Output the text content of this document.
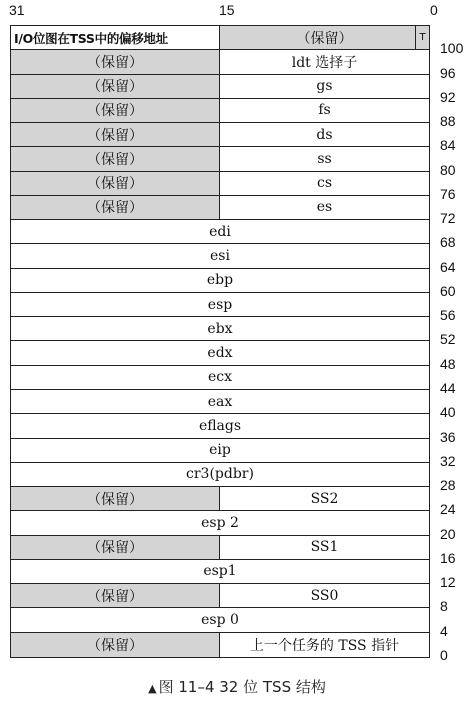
31	15	0
I/O位图在TSS中的偏移地址	（保留）	T
（保留）	ldt 选择子
（保留）	gs
（保留）	fs
（保留）	ds
（保留）	ss
（保留）	cs
（保留）	es
edi
esi
ebp
esp
ebx
edx
ecx
eax
eflags
eip
cr3(pdbr)
（保留）	SS2
esp 2
（保留）	SS1
esp1
（保留）	SS0
esp 0
（保留）	上一个任务的 TSS 指针
100
96
92
88
84
80
76
72
68
64
60
56
52
48
44
40
36
32
28
24
20
16
12
8
4
0
▲ 图 11–4 32 位 TSS 结构
